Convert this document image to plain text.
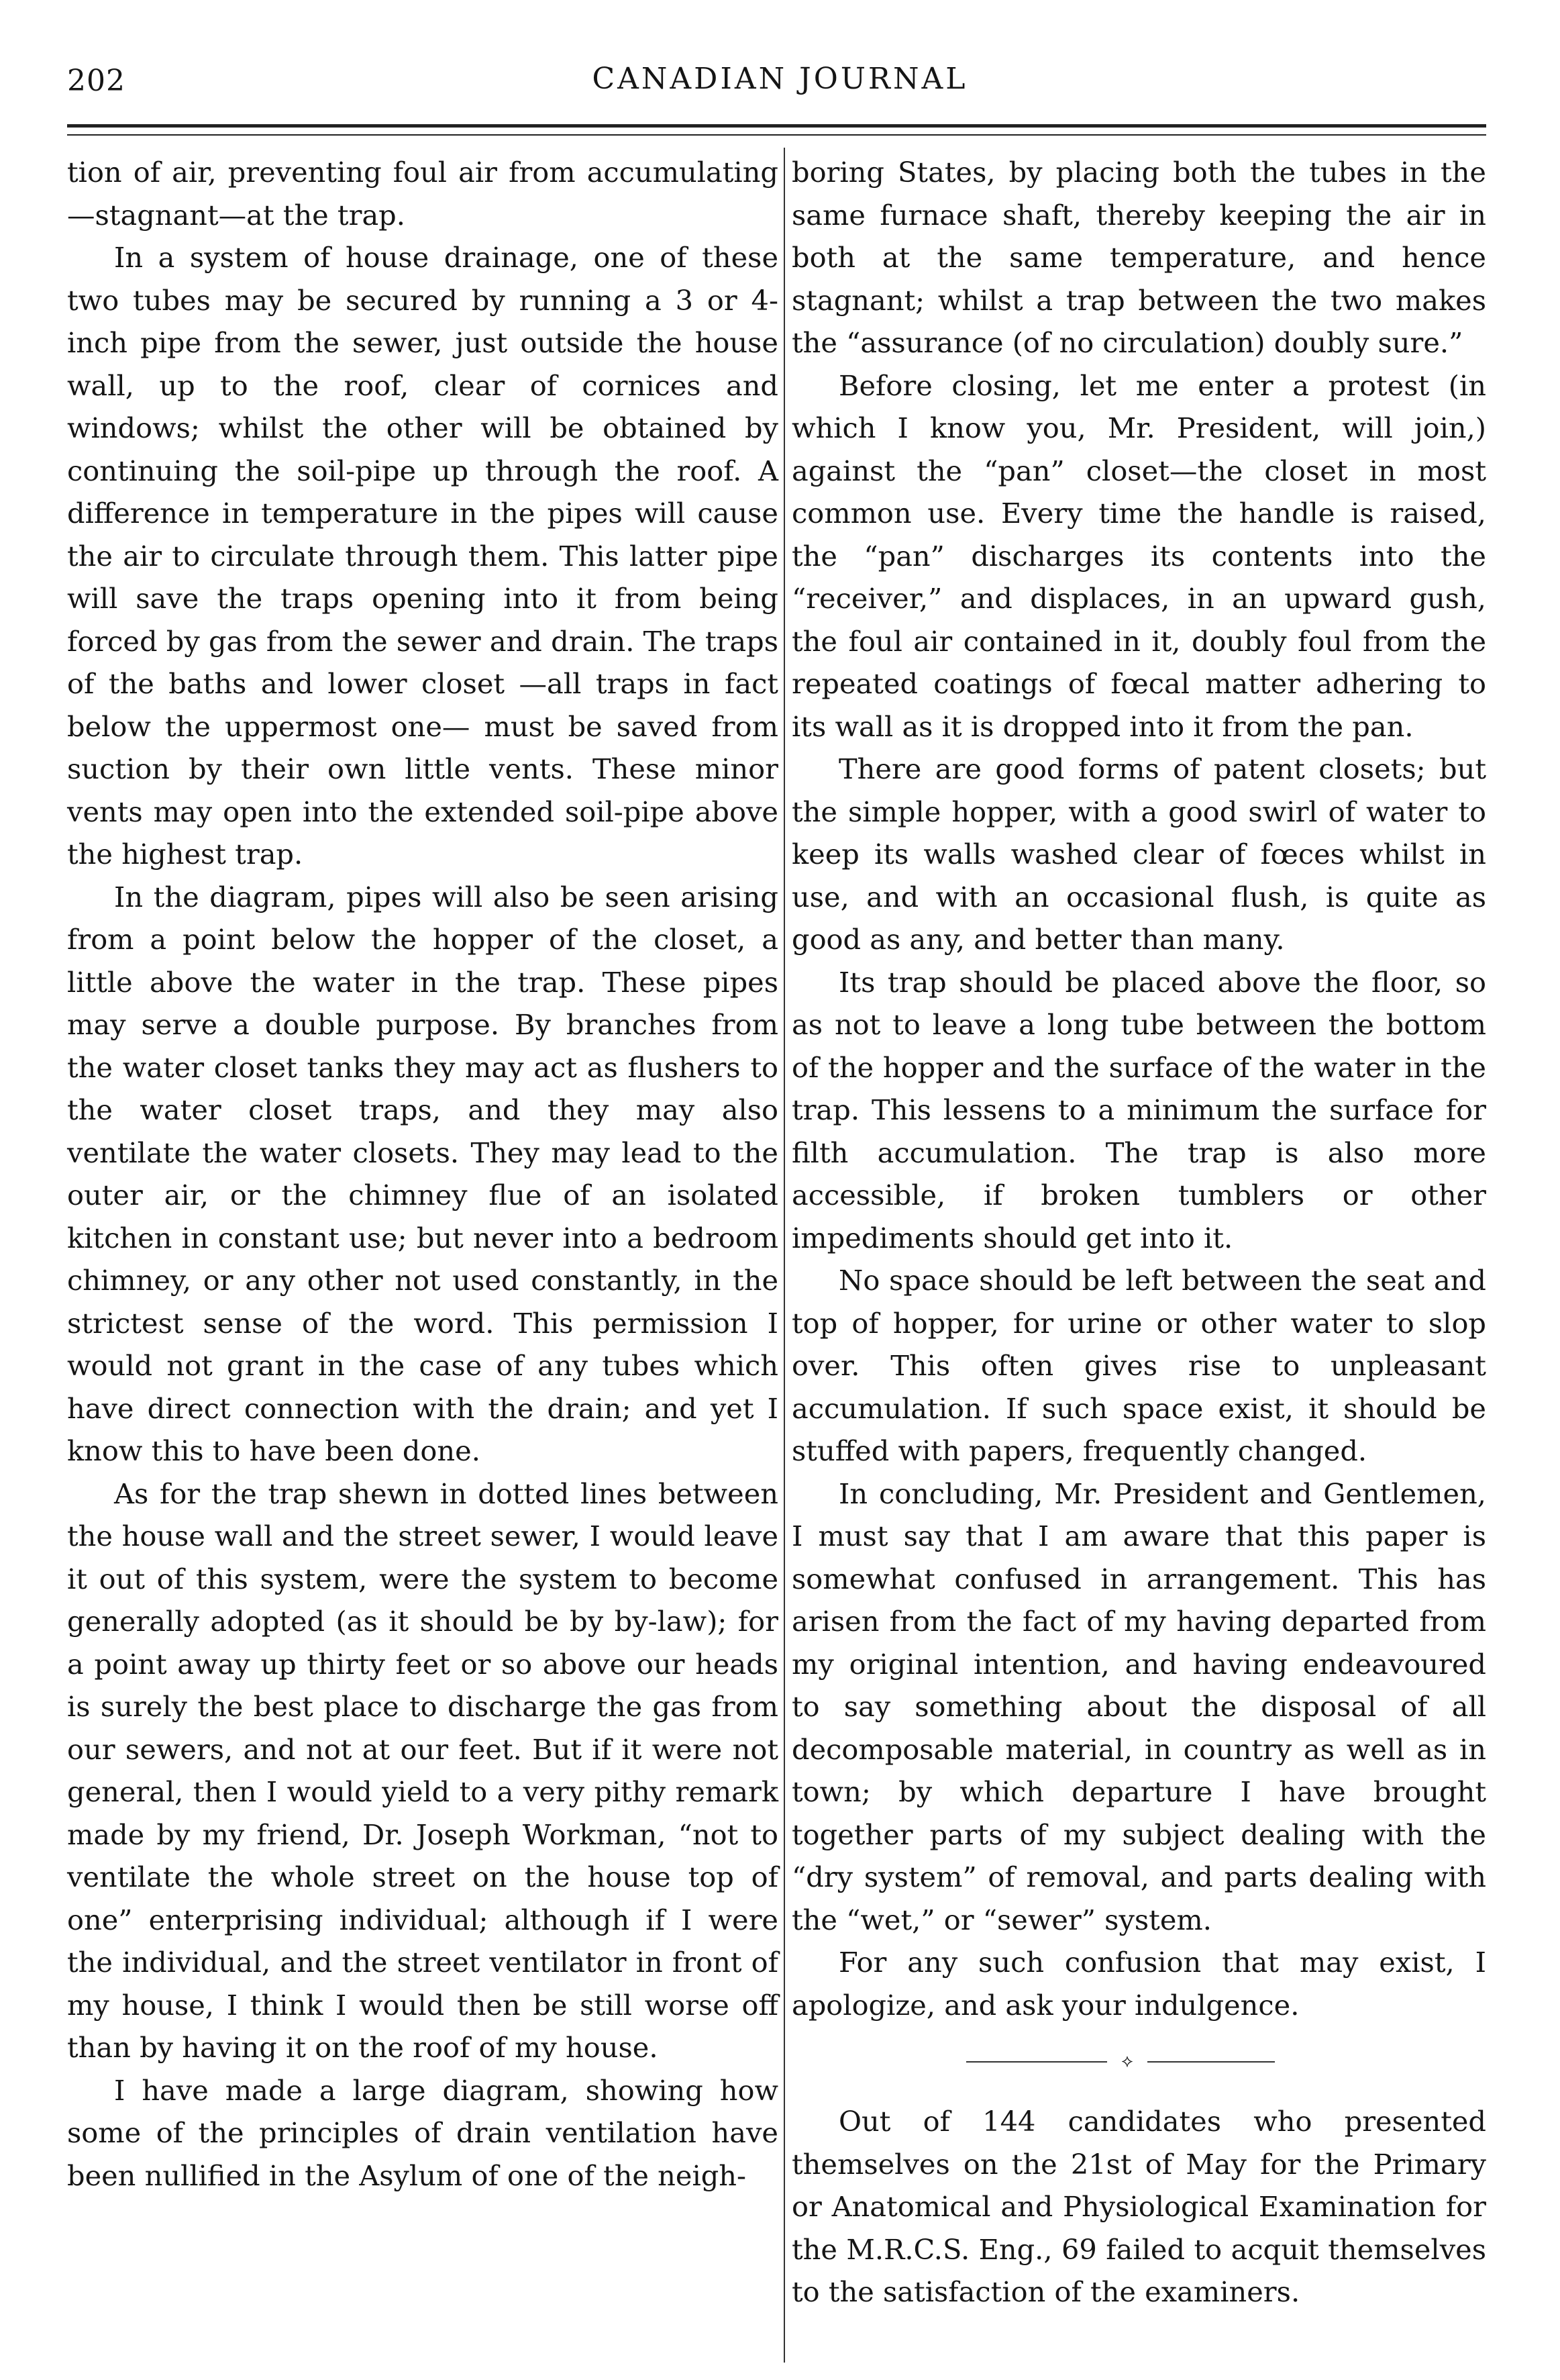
202	CANADIAN JOURNAL

tion of air, preventing foul air from accumulating—stagnant—at the trap.

In a system of house drainage, one of these two tubes may be secured by running a 3 or 4-inch pipe from the sewer, just outside the house wall, up to the roof, clear of cornices and windows; whilst the other will be obtained by continuing the soil-pipe up through the roof. A difference in temperature in the pipes will cause the air to circulate through them. This latter pipe will save the traps opening into it from being forced by gas from the sewer and drain. The traps of the baths and lower closet —all traps in fact below the uppermost one— must be saved from suction by their own little vents. These minor vents may open into the extended soil-pipe above the highest trap.

In the diagram, pipes will also be seen arising from a point below the hopper of the closet, a little above the water in the trap. These pipes may serve a double purpose. By branches from the water closet tanks they may act as flushers to the water closet traps, and they may also ventilate the water closets. They may lead to the outer air, or the chimney flue of an isolated kitchen in constant use; but never into a bedroom chimney, or any other not used constantly, in the strictest sense of the word. This permission I would not grant in the case of any tubes which have direct connection with the drain; and yet I know this to have been done.

As for the trap shewn in dotted lines between the house wall and the street sewer, I would leave it out of this system, were the system to become generally adopted (as it should be by by-law); for a point away up thirty feet or so above our heads is surely the best place to discharge the gas from our sewers, and not at our feet. But if it were not general, then I would yield to a very pithy remark made by my friend, Dr. Joseph Workman, “not to ventilate the whole street on the house top of one” enterprising individual; although if I were the individual, and the street ventilator in front of my house, I think I would then be still worse off than by having it on the roof of my house.

I have made a large diagram, showing how some of the principles of drain ventilation have been nullified in the Asylum of one of the neigh-

boring States, by placing both the tubes in the same furnace shaft, thereby keeping the air in both at the same temperature, and hence stagnant; whilst a trap between the two makes the “assurance (of no circulation) doubly sure.”

Before closing, let me enter a protest (in which I know you, Mr. President, will join,) against the “pan” closet—the closet in most common use. Every time the handle is raised, the “pan” discharges its contents into the “receiver,” and displaces, in an upward gush, the foul air contained in it, doubly foul from the repeated coatings of fœcal matter adhering to its wall as it is dropped into it from the pan.

There are good forms of patent closets; but the simple hopper, with a good swirl of water to keep its walls washed clear of fœces whilst in use, and with an occasional flush, is quite as good as any, and better than many.

Its trap should be placed above the floor, so as not to leave a long tube between the bottom of the hopper and the surface of the water in the trap. This lessens to a minimum the surface for filth accumulation. The trap is also more accessible, if broken tumblers or other impediments should get into it.

No space should be left between the seat and top of hopper, for urine or other water to slop over. This often gives rise to unpleasant accumulation. If such space exist, it should be stuffed with papers, frequently changed.

In concluding, Mr. President and Gentlemen, I must say that I am aware that this paper is somewhat confused in arrangement. This has arisen from the fact of my having departed from my original intention, and having endeavoured to say something about the disposal of all decomposable material, in country as well as in town; by which departure I have brought together parts of my subject dealing with the “dry system” of removal, and parts dealing with the “wet,” or “sewer” system.

For any such confusion that may exist, I apologize, and ask your indulgence.

⟡

Out of 144 candidates who presented themselves on the 21st of May for the Primary or Anatomical and Physiological Examination for the M.R.C.S. Eng., 69 failed to acquit themselves to the satisfaction of the examiners.
